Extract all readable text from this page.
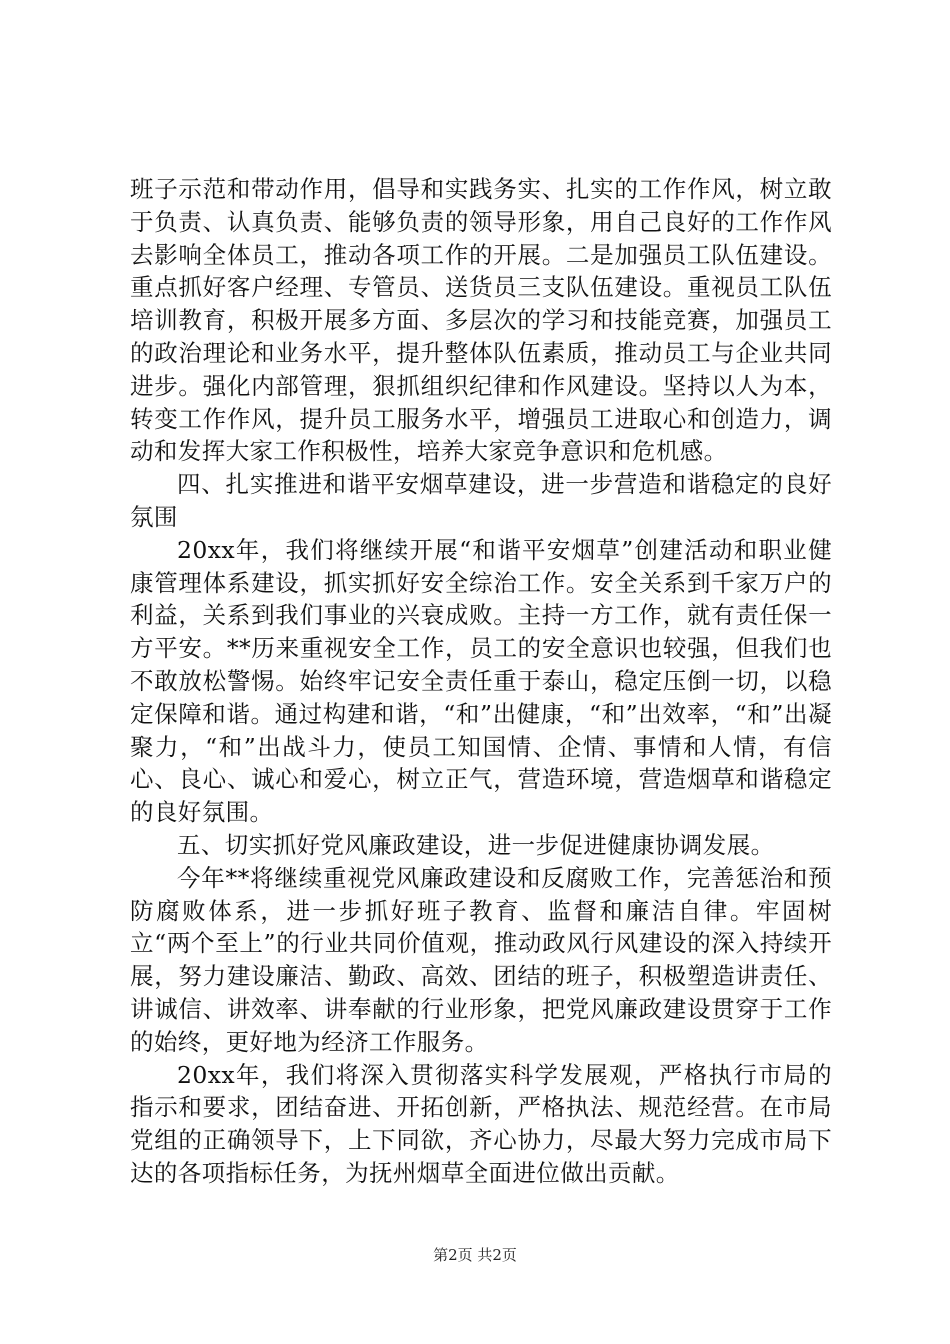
班子示范和带动作用，倡导和实践务实、扎实的工作作风，树立敢于负责、认真负责、能够负责的领导形象，用自己良好的工作作风去影响全体员工，推动各项工作的开展。二是加强员工队伍建设。重点抓好客户经理、专管员、送货员三支队伍建设。重视员工队伍培训教育，积极开展多方面、多层次的学习和技能竞赛，加强员工的政治理论和业务水平，提升整体队伍素质，推动员工与企业共同进步。强化内部管理，狠抓组织纪律和作风建设。坚持以人为本，转变工作作风，提升员工服务水平，增强员工进取心和创造力，调动和发挥大家工作积极性，培养大家竞争意识和危机感。

四、扎实推进和谐平安烟草建设，进一步营造和谐稳定的良好氛围

20xx年，我们将继续开展“和谐平安烟草”创建活动和职业健康管理体系建设，抓实抓好安全综治工作。安全关系到千家万户的利益，关系到我们事业的兴衰成败。主持一方工作，就有责任保一方平安。**历来重视安全工作，员工的安全意识也较强，但我们也不敢放松警惕。始终牢记安全责任重于泰山，稳定压倒一切，以稳定保障和谐。通过构建和谐，“和”出健康，“和”出效率，“和”出凝聚力，“和”出战斗力，使员工知国情、企情、事情和人情，有信心、良心、诚心和爱心，树立正气，营造环境，营造烟草和谐稳定的良好氛围。

五、切实抓好党风廉政建设，进一步促进健康协调发展。

今年**将继续重视党风廉政建设和反腐败工作，完善惩治和预防腐败体系，进一步抓好班子教育、监督和廉洁自律。牢固树立“两个至上”的行业共同价值观，推动政风行风建设的深入持续开展，努力建设廉洁、勤政、高效、团结的班子，积极塑造讲责任、讲诚信、讲效率、讲奉献的行业形象，把党风廉政建设贯穿于工作的始终，更好地为经济工作服务。

20xx年，我们将深入贯彻落实科学发展观，严格执行市局的指示和要求，团结奋进、开拓创新，严格执法、规范经营。在市局党组的正确领导下，上下同欲，齐心协力，尽最大努力完成市局下达的各项指标任务，为抚州烟草全面进位做出贡献。

第2页 共2页
